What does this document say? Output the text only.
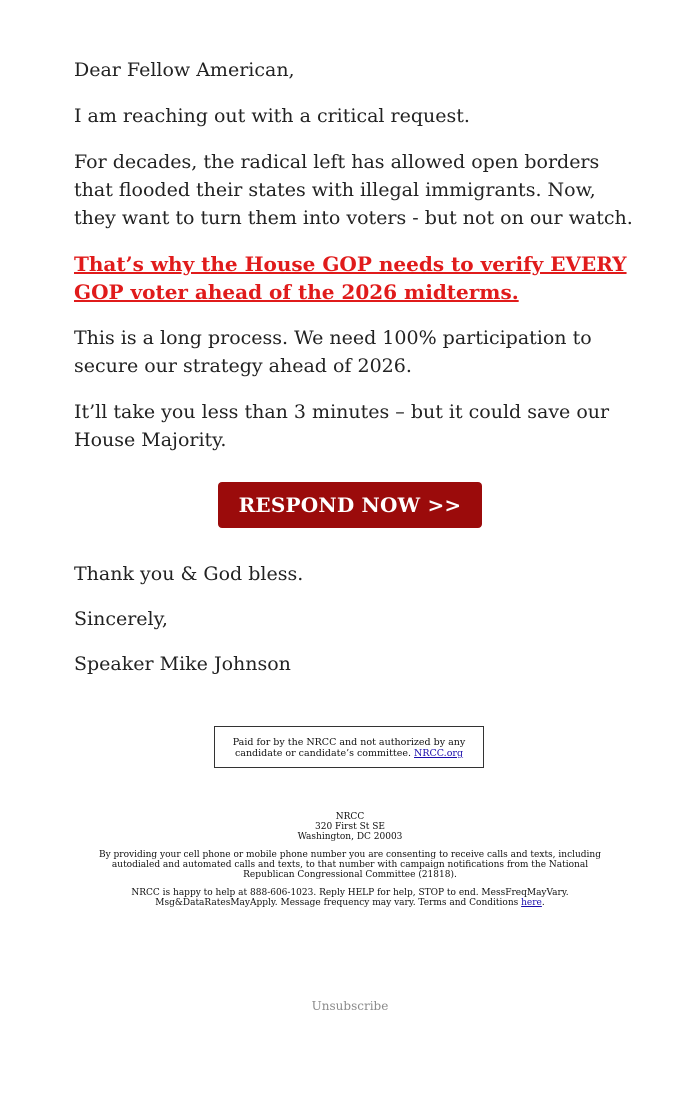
Dear Fellow American,

I am reaching out with a critical request.

For decades, the radical left has allowed open borders that flooded their states with illegal immigrants. Now, they want to turn them into voters - but not on our watch.

That’s why the House GOP needs to verify EVERY GOP voter ahead of the 2026 midterms.

This is a long process. We need 100% participation to secure our strategy ahead of 2026.

It’ll take you less than 3 minutes – but it could save our House Majority.

RESPOND NOW >>

Thank you & God bless.

Sincerely,

Speaker Mike Johnson

Paid for by the NRCC and not authorized by any candidate or candidate’s committee. NRCC.org
NRCC
320 First St SE
Washington, DC 20003

By providing your cell phone or mobile phone number you are consenting to receive calls and texts, including autodialed and automated calls and texts, to that number with campaign notifications from the National Republican Congressional Committee (21818).

NRCC is happy to help at 888-606-1023. Reply HELP for help, STOP to end. MessFreqMayVary. Msg&DataRatesMayApply. Message frequency may vary. Terms and Conditions here.

Unsubscribe
